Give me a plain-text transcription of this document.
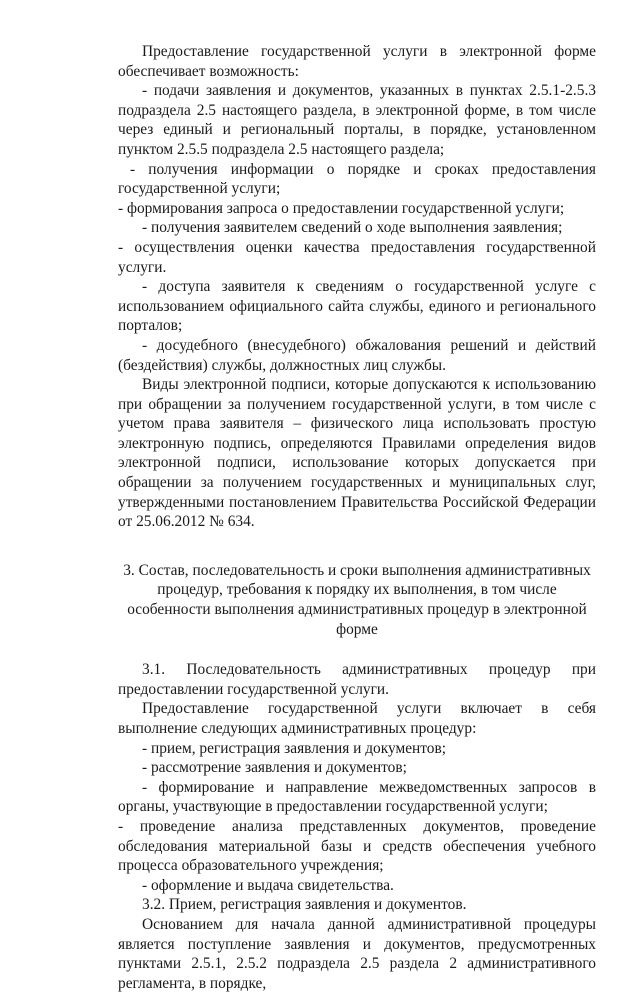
Предоставление государственной услуги в электронной форме обеспечивает возможность:

- подачи заявления и документов, указанных в пунктах 2.5.1-2.5.3 подраздела 2.5 настоящего раздела, в электронной форме, в том числе через единый и региональный порталы, в порядке, установленном пунктом 2.5.5 подраздела 2.5 настоящего раздела;

- получения информации о порядке и сроках предоставления государственной услуги;

- формирования запроса о предоставлении государственной услуги;

- получения заявителем сведений о ходе выполнения заявления;

- осуществления оценки качества предоставления государственной услуги.

- доступа заявителя к сведениям о государственной услуге с использованием официального сайта службы, единого и регионального порталов;

- досудебного (внесудебного) обжалования решений и действий (бездействия) службы, должностных лиц службы.

Виды электронной подписи, которые допускаются к использованию при обращении за получением государственной услуги, в том числе с учетом права заявителя – физического лица использовать простую электронную подпись, определяются Правилами определения видов электронной подписи, использование которых допускается при обращении за получением государственных и муниципальных слуг, утвержденными постановлением Правительства Российской Федерации от 25.06.2012 № 634.

3. Состав, последовательность и сроки выполнения административных процедур, требования к порядку их выполнения, в том числе особенности выполнения административных процедур в электронной форме

3.1. Последовательность административных процедур при предоставлении государственной услуги.

Предоставление государственной услуги включает в себя выполнение следующих административных процедур:

- прием, регистрация заявления и документов;

- рассмотрение заявления и документов;

- формирование и направление межведомственных запросов в органы, участвующие в предоставлении государственной услуги;

- проведение анализа представленных документов, проведение обследования материальной базы и средств обеспечения учебного процесса образовательного учреждения;

- оформление и выдача свидетельства.

3.2. Прием, регистрация заявления и документов.

Основанием для начала данной административной процедуры является поступление заявления и документов, предусмотренных пунктами 2.5.1, 2.5.2 подраздела 2.5 раздела 2 административного регламента, в порядке,
